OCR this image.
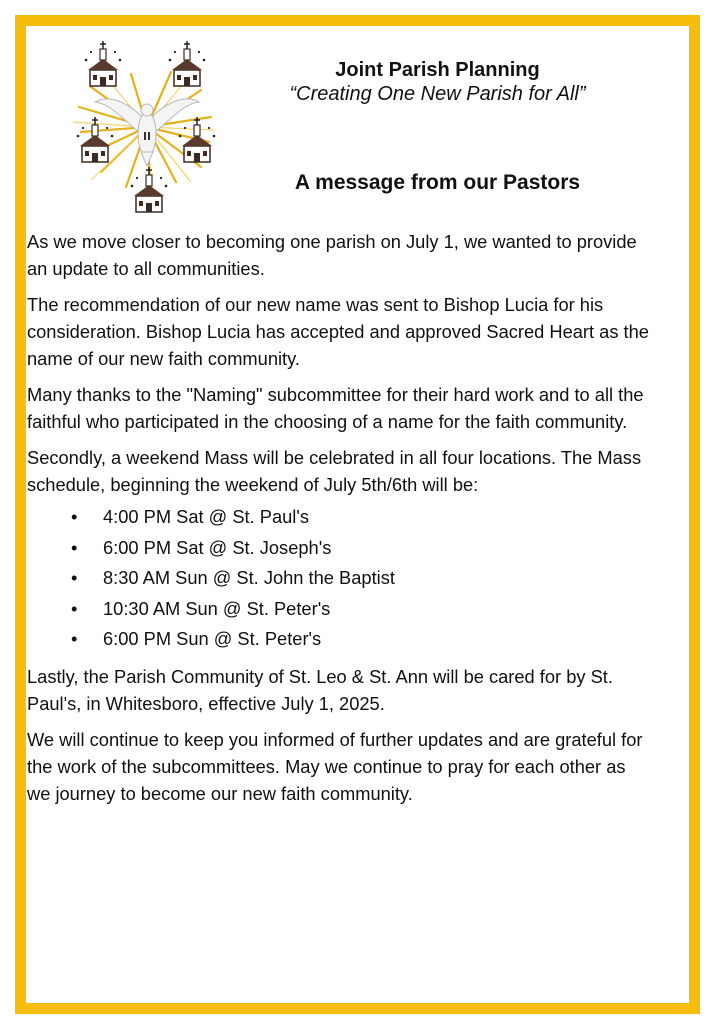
Joint Parish Planning

“Creating One New Parish for All”

A message from our Pastors

As we move closer to becoming one parish on July 1, we wanted to provide an update to all communities.

The recommendation of our new name was sent to Bishop Lucia for his consideration. Bishop Lucia has accepted and approved Sacred Heart as the name of our new faith community.

Many thanks to the "Naming" subcommittee for their hard work and to all the faithful who participated in the choosing of a name for the faith community.

Secondly, a weekend Mass will be celebrated in all four locations. The Mass schedule, beginning the weekend of July 5th/6th will be:

• 4:00 PM Sat @ St. Paul's
• 6:00 PM Sat @ St. Joseph's
• 8:30 AM Sun @ St. John the Baptist
• 10:30 AM Sun @ St. Peter's
• 6:00 PM Sun @ St. Peter's

Lastly, the Parish Community of St. Leo & St. Ann will be cared for by St. Paul's, in Whitesboro, effective July 1, 2025.

We will continue to keep you informed of further updates and are grateful for the work of the subcommittees. May we continue to pray for each other as we journey to become our new faith community.
